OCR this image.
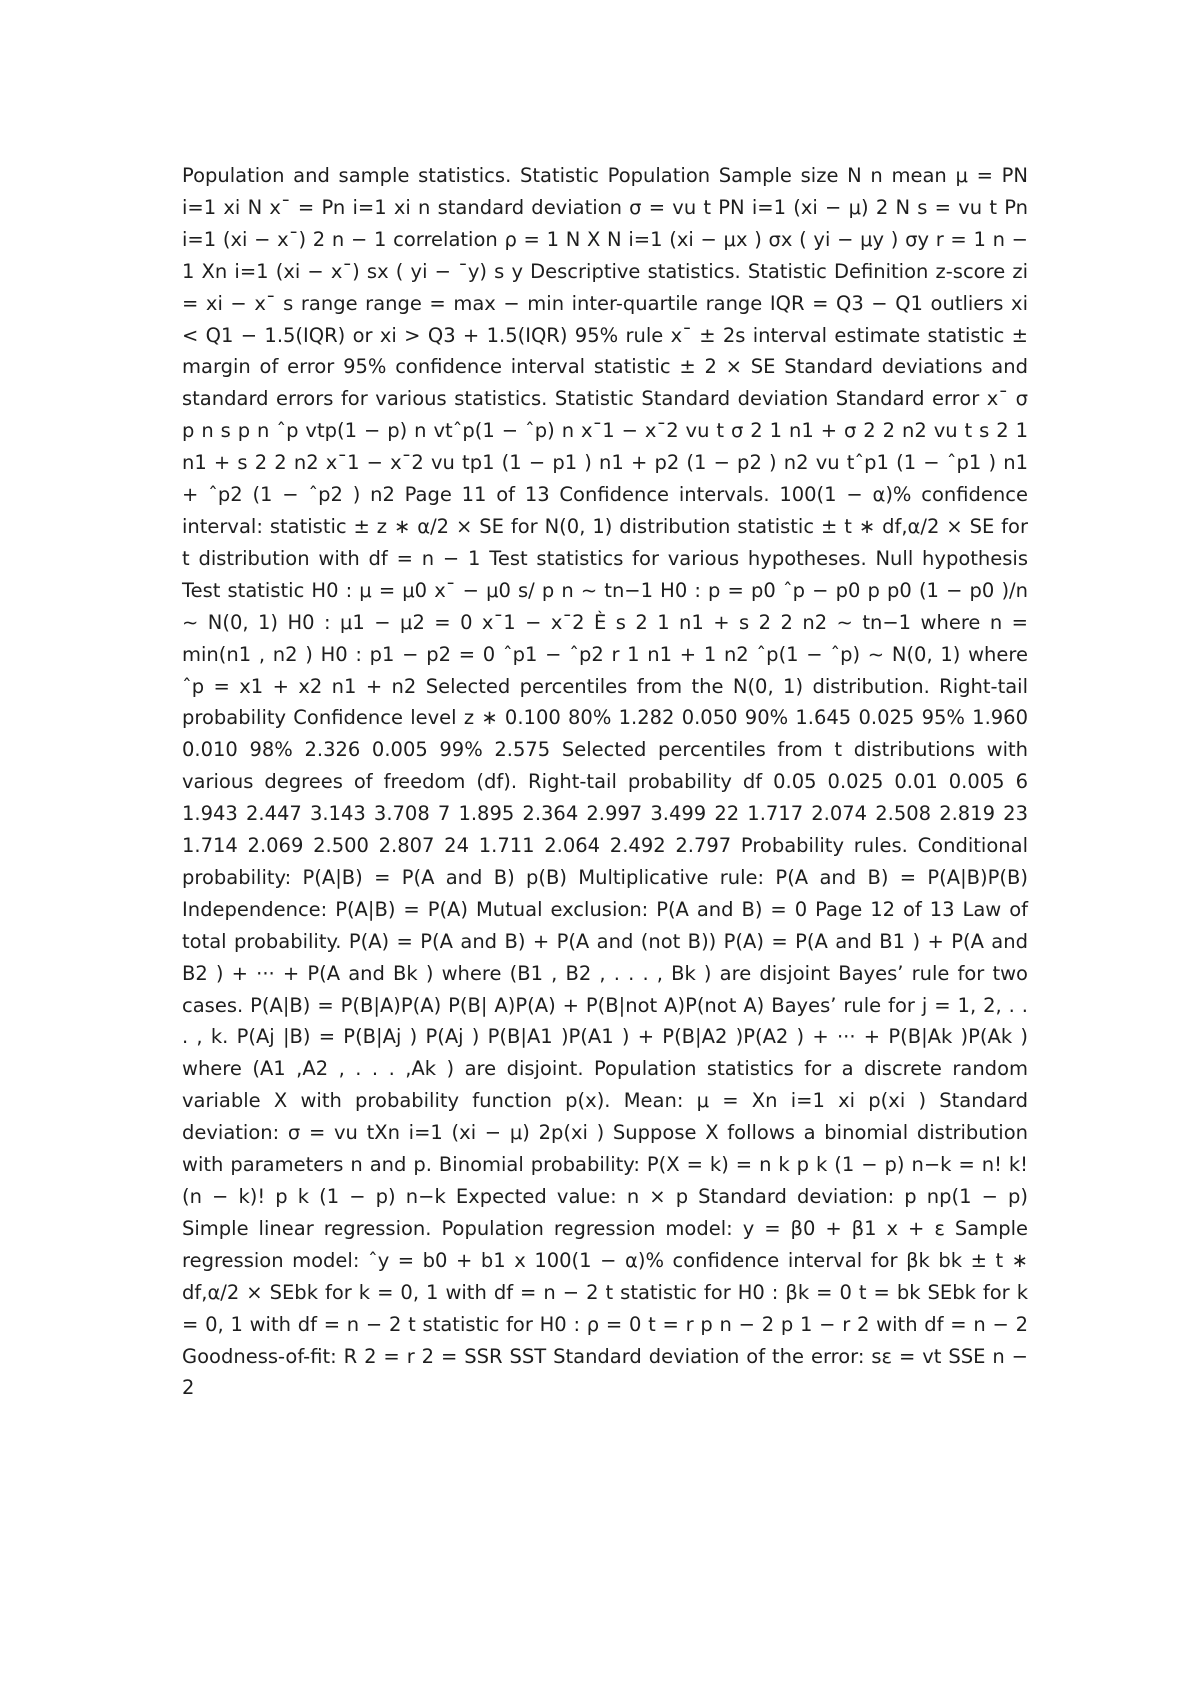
Population and sample statistics. Statistic Population Sample size N n mean μ = PN i=1 xi N x¯ = Pn i=1 xi n standard deviation σ = vu t PN i=1 (xi − μ) 2 N s = vu t Pn i=1 (xi − x¯) 2 n − 1 correlation ρ = 1 N X N i=1 (xi − μx ) σx ( yi − μy ) σy r = 1 n − 1 Xn i=1 (xi − x¯) sx ( yi − ¯y) s y Descriptive statistics. Statistic Definition z-score zi = xi − x¯ s range range = max − min inter-quartile range IQR = Q3 − Q1 outliers xi < Q1 − 1.5(IQR) or xi > Q3 + 1.5(IQR) 95% rule x¯ ± 2s interval estimate statistic ± margin of error 95% confidence interval statistic ± 2 × SE Standard deviations and standard errors for various statistics. Statistic Standard deviation Standard error x¯ σ p n s p n ˆp vtp(1 − p) n vtˆp(1 − ˆp) n x¯1 − x¯2 vu t σ 2 1 n1 + σ 2 2 n2 vu t s 2 1 n1 + s 2 2 n2 x¯1 − x¯2 vu tp1 (1 − p1 ) n1 + p2 (1 − p2 ) n2 vu tˆp1 (1 − ˆp1 ) n1 + ˆp2 (1 − ˆp2 ) n2 Page 11 of 13 Confidence intervals. 100(1 − α)% confidence interval: statistic ± z ∗ α/2 × SE for N(0, 1) distribution statistic ± t ∗ df,α/2 × SE for t distribution with df = n − 1 Test statistics for various hypotheses. Null hypothesis Test statistic H0 : μ = μ0 x¯ − μ0 s/ p n ∼ tn−1 H0 : p = p0 ˆp − p0 p p0 (1 − p0 )/n ∼ N(0, 1) H0 : μ1 − μ2 = 0 x¯1 − x¯2 È s 2 1 n1 + s 2 2 n2 ∼ tn−1 where n = min(n1 , n2 ) H0 : p1 − p2 = 0 ˆp1 − ˆp2 r 1 n1 + 1 n2 ˆp(1 − ˆp) ∼ N(0, 1) where ˆp = x1 + x2 n1 + n2 Selected percentiles from the N(0, 1) distribution. Right-tail probability Confidence level z ∗ 0.100 80% 1.282 0.050 90% 1.645 0.025 95% 1.960 0.010 98% 2.326 0.005 99% 2.575 Selected percentiles from t distributions with various degrees of freedom (df). Right-tail probability df 0.05 0.025 0.01 0.005 6 1.943 2.447 3.143 3.708 7 1.895 2.364 2.997 3.499 22 1.717 2.074 2.508 2.819 23 1.714 2.069 2.500 2.807 24 1.711 2.064 2.492 2.797 Probability rules. Conditional probability: P(A|B) = P(A and B) p(B) Multiplicative rule: P(A and B) = P(A|B)P(B) Independence: P(A|B) = P(A) Mutual exclusion: P(A and B) = 0 Page 12 of 13 Law of total probability. P(A) = P(A and B) + P(A and (not B)) P(A) = P(A and B1 ) + P(A and B2 ) + ··· + P(A and Bk ) where (B1 , B2 , . . . , Bk ) are disjoint Bayes’ rule for two cases. P(A|B) = P(B|A)P(A) P(B| A)P(A) + P(B|not A)P(not A) Bayes’ rule for j = 1, 2, . . . , k. P(Aj |B) = P(B|Aj ) P(Aj ) P(B|A1 )P(A1 ) + P(B|A2 )P(A2 ) + ··· + P(B|Ak )P(Ak ) where (A1 ,A2 , . . . ,Ak ) are disjoint. Population statistics for a discrete random variable X with probability function p(x). Mean: μ = Xn i=1 xi p(xi ) Standard deviation: σ = vu tXn i=1 (xi − μ) 2p(xi ) Suppose X follows a binomial distribution with parameters n and p. Binomial probability: P(X = k) = n k p k (1 − p) n−k = n! k!(n − k)! p k (1 − p) n−k Expected value: n × p Standard deviation: p np(1 − p) Simple linear regression. Population regression model: y = β0 + β1 x + ε Sample regression model: ˆy = b0 + b1 x 100(1 − α)% confidence interval for βk bk ± t ∗ df,α/2 × SEbk for k = 0, 1 with df = n − 2 t statistic for H0 : βk = 0 t = bk SEbk for k = 0, 1 with df = n − 2 t statistic for H0 : ρ = 0 t = r p n − 2 p 1 − r 2 with df = n − 2 Goodness-of-fit: R 2 = r 2 = SSR SST Standard deviation of the error: sε = vt SSE n − 2
